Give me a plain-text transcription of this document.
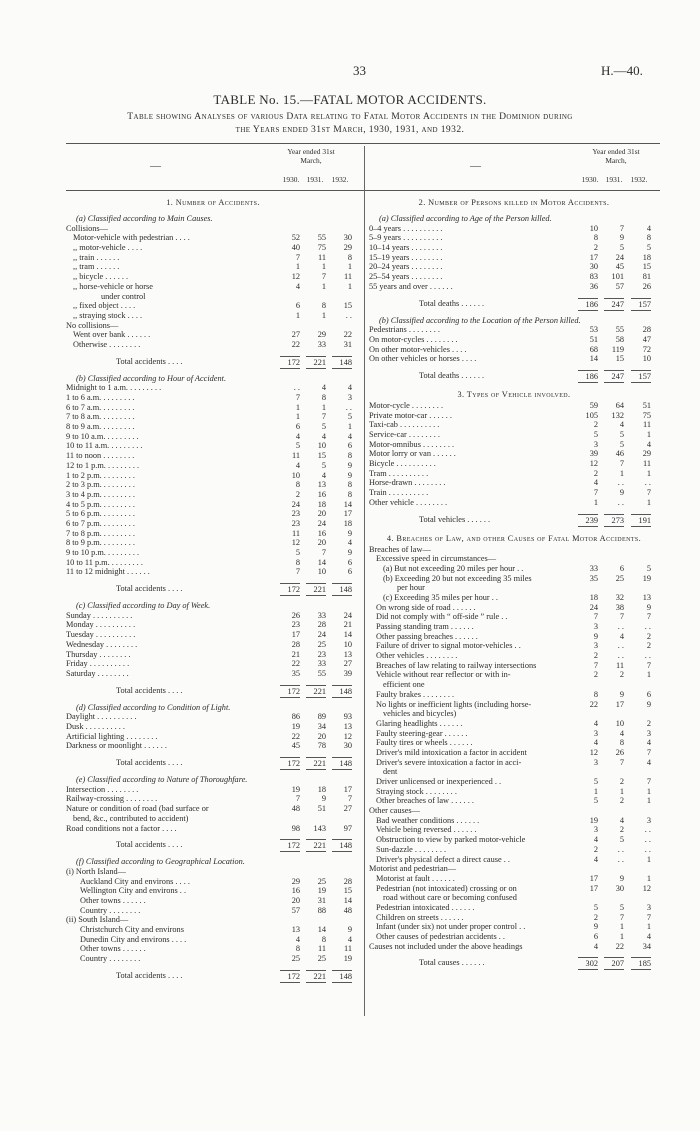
33	H.—40.
TABLE No. 15.—FATAL MOTOR ACCIDENTS.
Table showing Analyses of various Data relating to Fatal Motor Accidents in the Dominion during
the Years ended 31st March, 1930, 1931, and 1932.
—
Year ended 31st March,
1930. 1931. 1932.
—
Year ended 31st March,
1930. 1931. 1932.
1. Number of Accidents.
(a) Classified according to Main Causes.
Collisions—
Motor-vehicle with pedestrian . . . .	52	55	30
,, motor-vehicle . . . .	40	75	29
,, train . . . . . .	7	11	8
,, tram . . . . . .	1	1	1
,, bicycle . . . . . .	12	7	11
,, horse-vehicle or horse	4	1	1
under control
,, fixed object . . . .	6	8	15
,, straying stock . . . .	1	1	. .
No collisions—
Went over bank . . . . . .	27	29	22
Otherwise . . . . . . . .	22	33	31
Total accidents . . . .	172	221	148
(b) Classified according to Hour of Accident.
Midnight to 1 a.m. . . . . . . . .	. .	4	4
1 to 6 a.m. . . . . . . . .	7	8	3
6 to 7 a.m. . . . . . . . .	1	1	. .
7 to 8 a.m. . . . . . . . .	1	7	5
8 to 9 a.m. . . . . . . . .	6	5	1
9 to 10 a.m. . . . . . . . .	4	4	4
10 to 11 a.m. . . . . . . . .	5	10	6
11 to noon . . . . . . . .	11	15	8
12 to 1 p.m. . . . . . . . .	4	5	9
1 to 2 p.m. . . . . . . . .	10	4	9
2 to 3 p.m. . . . . . . . .	8	13	8
3 to 4 p.m. . . . . . . . .	2	16	8
4 to 5 p.m. . . . . . . . .	24	18	14
5 to 6 p.m. . . . . . . . .	23	20	17
6 to 7 p.m. . . . . . . . .	23	24	18
7 to 8 p.m. . . . . . . . .	11	16	9
8 to 9 p.m. . . . . . . . .	12	20	4
9 to 10 p.m. . . . . . . . .	5	7	9
10 to 11 p.m. . . . . . . . .	8	14	6
11 to 12 midnight . . . . . .	7	10	6
Total accidents . . . .	172	221	148
(c) Classified according to Day of Week.
Sunday . . . . . . . . . .	26	33	24
Monday . . . . . . . . . .	23	28	21
Tuesday . . . . . . . . . .	17	24	14
Wednesday . . . . . . . .	28	25	10
Thursday . . . . . . . .	21	23	13
Friday . . . . . . . . . .	22	33	27
Saturday . . . . . . . .	35	55	39
Total accidents . . . .	172	221	148
(d) Classified according to Condition of Light.
Daylight . . . . . . . . . .	86	89	93
Dusk . . . . . . . . . .	19	34	13
Artificial lighting . . . . . . . .	22	20	12
Darkness or moonlight . . . . . .	45	78	30
Total accidents . . . .	172	221	148
(e) Classified according to Nature of Thoroughfare.
Intersection . . . . . . . .	19	18	17
Railway-crossing . . . . . . . .	7	9	7
Nature or condition of road (bad surface or	48	51	27
bend, &c., contributed to accident)
Road conditions not a factor . . . .	98	143	97
Total accidents . . . .	172	221	148
(f) Classified according to Geographical Location.
(i) North Island—
Auckland City and environs . . . .	29	25	28
Wellington City and environs . .	16	19	15
Other towns . . . . . .	20	31	14
Country . . . . . . . .	57	88	48
(ii) South Island—
Christchurch City and environs	13	14	9
Dunedin City and environs . . . .	4	8	4
Other towns . . . . . .	8	11	11
Country . . . . . . . .	25	25	19
Total accidents . . . .	172	221	148
2. Number of Persons killed in Motor Accidents.
(a) Classified according to Age of the Person killed.
0–4 years . . . . . . . . . .	10	7	4
5–9 years . . . . . . . . . .	8	9	8
10–14 years . . . . . . . .	2	5	5
15–19 years . . . . . . . .	17	24	18
20–24 years . . . . . . . .	30	45	15
25–54 years . . . . . . . .	83	101	81
55 years and over . . . . . .	36	57	26
Total deaths . . . . . .	186	247	157
(b) Classified according to the Location of the Person killed.
Pedestrians . . . . . . . .	53	55	28
On motor-cycles . . . . . . . .	51	58	47
On other motor-vehicles . . . .	68	119	72
On other vehicles or horses . . . .	14	15	10
Total deaths . . . . . .	186	247	157
3. Types of Vehicle involved.
Motor-cycle . . . . . . . .	59	64	51
Private motor-car . . . . . .	105	132	75
Taxi-cab . . . . . . . . . .	2	4	11
Service-car . . . . . . . .	5	5	1
Motor-omnibus . . . . . . . .	3	5	4
Motor lorry or van . . . . . .	39	46	29
Bicycle . . . . . . . . . .	12	7	11
Tram . . . . . . . . . .	2	1	1
Horse-drawn . . . . . . . .	4	. .	. .
Train . . . . . . . . . .	7	9	7
Other vehicle . . . . . . . .	1	. .	1
Total vehicles . . . . . .	239	273	191
4. Breaches of Law, and other Causes of Fatal Motor Accidents.
Breaches of law—
Excessive speed in circumstances—
(a) But not exceeding 20 miles per hour . .	33	6	5
(b) Exceeding 20 but not exceeding 35 miles	35	25	19
per hour
(c) Exceeding 35 miles per hour . .	18	32	13
On wrong side of road . . . . . .	24	38	9
Did not comply with “ off-side ” rule . .	7	7	7
Passing standing tram . . . . . .	3	. .	. .
Other passing breaches . . . . . .	9	4	2
Failure of driver to signal motor-vehicles . .	3	. .	2
Other vehicles . . . . . . . .	2	. .	. .
Breaches of law relating to railway intersections	7	11	7
Vehicle without rear reflector or with in-	2	2	1
efficient one
Faulty brakes . . . . . . . .	8	9	6
No lights or inefficient lights (including horse-	22	17	9
vehicles and bicycles)
Glaring headlights . . . . . .	4	10	2
Faulty steering-gear . . . . . .	3	4	3
Faulty tires or wheels . . . . . .	4	8	4
Driver's mild intoxication a factor in accident	12	26	7
Driver's severe intoxication a factor in acci-	3	7	4
dent
Driver unlicensed or inexperienced . .	5	2	7
Straying stock . . . . . . . .	1	1	1
Other breaches of law . . . . . .	5	2	1
Other causes—
Bad weather conditions . . . . . .	19	4	3
Vehicle being reversed . . . . . .	3	2	. .
Obstruction to view by parked motor-vehicle	4	5	. .
Sun-dazzle . . . . . . . .	2	. .	. .
Driver's physical defect a direct cause . .	4	. .	1
Motorist and pedestrian—
Motorist at fault . . . . . .	17	9	1
Pedestrian (not intoxicated) crossing or on	17	30	12
road without care or becoming confused
Pedestrian intoxicated . . . . . .	5	5	3
Children on streets . . . . . .	2	7	7
Infant (under six) not under proper control . .	9	1	1
Other causes of pedestrian accidents . .	6	1	4
Causes not included under the above headings	4	22	34
Total causes . . . . . .	302	207	185
